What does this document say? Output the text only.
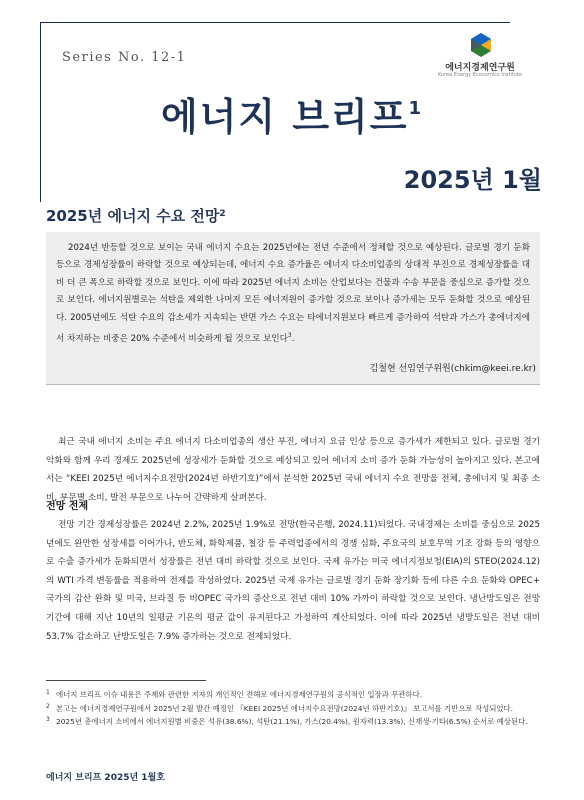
Series No. 12-1
에너지경제연구원
Korea Energy Economics Institute
에너지 브리프$^1$
2025년 1월
2025년 에너지 수요 전망$^2$

2024년 반등할 것으로 보이는 국내 에너지 수요는 2025년에는 전년 수준에서 정체할 것으로 예상된다. 글로벌 경기 둔화 등으로 경제성장률이 하락할 것으로 예상되는데, 에너지 수요 증가율은 에너지 다소비업종의 상대적 부진으로 경제성장률을 대비 더 큰 폭으로 하락할 것으로 보인다. 이에 따라 2025년 에너지 소비는 산업보다는 건물과 수송 부문을 중심으로 증가할 것으로 보인다. 에너지원별로는 석탄을 제외한 나머지 모든 에너지원이 증가할 것으로 보이나 증가세는 모두 둔화할 것으로 예상된다. 2005년에도 석탄 수요의 감소세가 지속되는 반면 가스 수요는 타에너지원보다 빠르게 증가하여 석탄과 가스가 총에너지에서 차지하는 비중은 20% 수준에서 비슷하게 될 것으로 보인다$^3$.

김철현 선임연구위원(chkim@keei.re.kr)

최근 국내 에너지 소비는 주요 에너지 다소비업종의 생산 부진, 에너지 요금 인상 등으로 증가세가 제한되고 있다. 글로벌 경기 악화와 함께 우리 경제도 2025년에 성장세가 둔화할 것으로 예상되고 있어 에너지 소비 증가 둔화 가능성이 높아지고 있다. 본고에서는 “KEEI 2025년 에너지수요전망(2024년 하반기호)”에서 분석한 2025년 국내 에너지 수요 전망을 전체, 총에너지 및 최종 소비, 부문별 소비, 발전 부문으로 나누어 간략하게 살펴본다.

전망 전제

전망 기간 경제성장률은 2024년 2.2%, 2025년 1.9%로 전망(한국은행, 2024.11)되었다. 국내경제는 소비를 중심으로 2025년에도 완만한 성장세를 이어가나, 반도체, 화학제품, 철강 등 주력업종에서의 경쟁 심화, 주요국의 보호무역 기조 강화 등의 영향으로 수출 증가세가 둔화되면서 성장률은 전년 대비 하락할 것으로 보인다. 국제 유가는 미국 에너지정보청(EIA)의 STEO(2024.12)의 WTI 가격 변동률을 적용하여 전제를 작성하였다. 2025년 국제 유가는 글로벌 경기 둔화 장기화 등에 다른 수요 둔화와 OPEC+ 국가의 감산 완화 및 미국, 브라질 등 비OPEC 국가의 증산으로 전년 대비 10% 가까이 하락할 것으로 보인다. 냉난방도일은 전망 기간에 대해 지난 10년의 일평균 기온의 평균 값이 유지된다고 가정하여 계산되었다. 이에 따라 2025년 냉방도일은 전년 대비 53.7% 감소하고 난방도일은 7.9% 증가하는 것으로 전제되었다.

1 에너지 브리프 이슈 내용은 주제와 관련한 저자의 개인적인 견해로 에너지경제연구원의 공식적인 입장과 무관하다.
2 본고는 에너지경제연구원에서 2025년 2월 발간 예정인 『KEEI 2025년 에너지수요전망(2024년 하반기호)』 보고서를 기반으로 작성되었다.
3 2025년 총에너지 소비에서 에너지원별 비중은 석유(38.6%), 석탄(21.1%), 가스(20.4%), 원자력(13.3%), 신재생·기타(6.5%) 순서로 예상된다.
에너지 브리프 2025년 1월호
